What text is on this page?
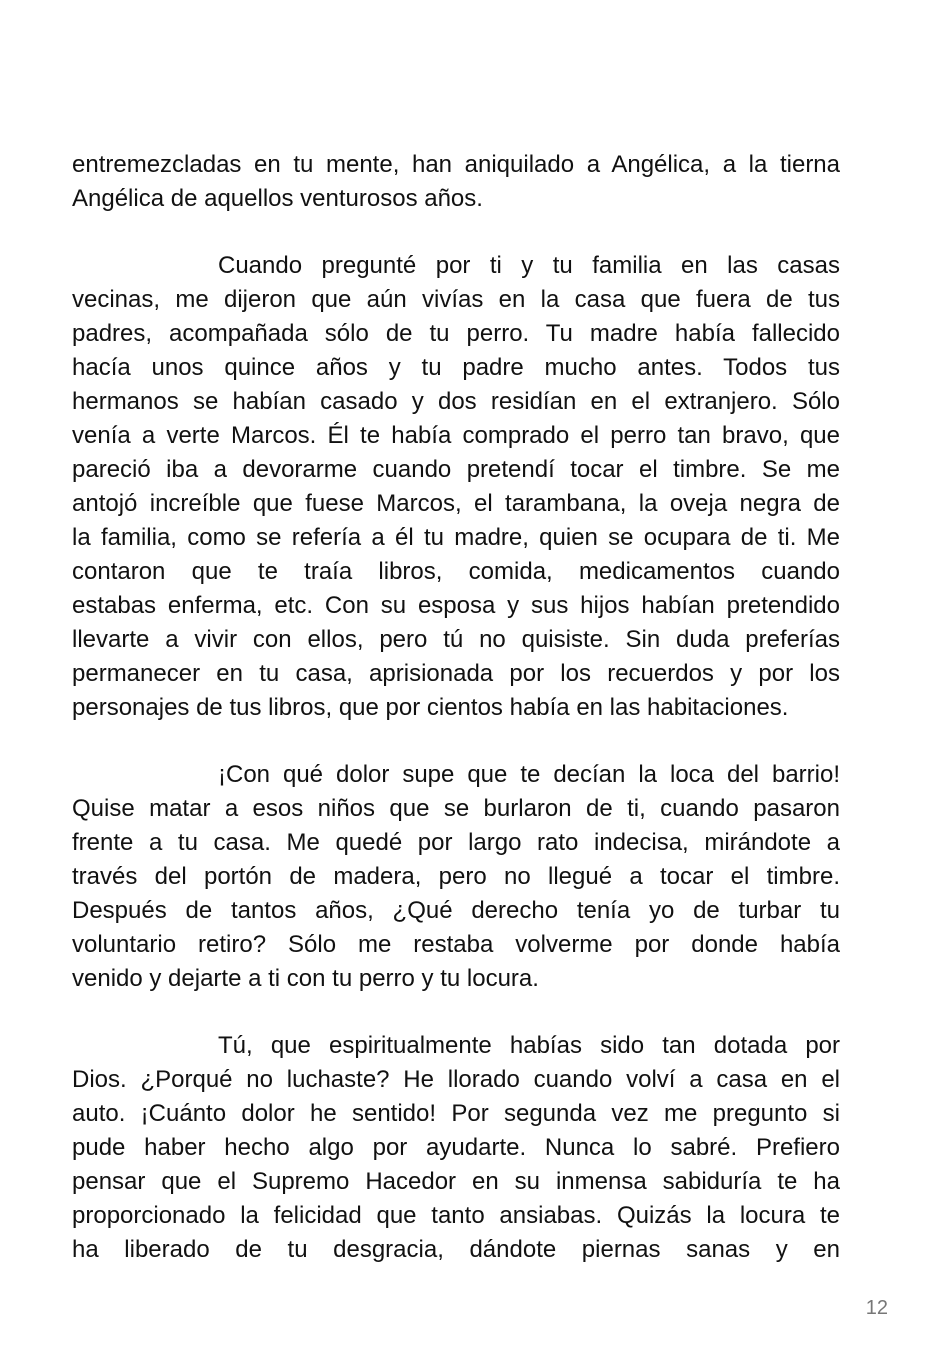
entremezcladas en tu mente, han aniquilado a Angélica, a la tierna
Angélica de aquellos venturosos años.

Cuando pregunté por ti y tu familia en las casas
vecinas, me dijeron que aún vivías en la casa que fuera de tus
padres, acompañada sólo de tu perro. Tu madre había fallecido
hacía unos quince años y tu padre mucho antes. Todos tus
hermanos se habían casado y dos residían en el extranjero. Sólo
venía a verte Marcos. Él te había comprado el perro tan bravo, que
pareció iba a devorarme cuando pretendí tocar el timbre. Se me
antojó increíble que fuese Marcos, el tarambana, la oveja negra de
la familia, como se refería a él tu madre, quien se ocupara de ti. Me
contaron que te traía libros, comida, medicamentos cuando
estabas enferma, etc. Con su esposa y sus hijos habían pretendido
llevarte a vivir con ellos, pero tú no quisiste. Sin duda preferías
permanecer en tu casa, aprisionada por los recuerdos y por los
personajes de tus libros, que por cientos había en las habitaciones.

¡Con qué dolor supe que te decían la loca del barrio!
Quise matar a esos niños que se burlaron de ti, cuando pasaron
frente a tu casa. Me quedé por largo rato indecisa, mirándote a
través del portón de madera, pero no llegué a tocar el timbre.
Después de tantos años, ¿Qué derecho tenía yo de turbar tu
voluntario retiro? Sólo me restaba volverme por donde había
venido y dejarte a ti con tu perro y tu locura.

Tú, que espiritualmente habías sido tan dotada por
Dios. ¿Porqué no luchaste? He llorado cuando volví a casa en el
auto. ¡Cuánto dolor he sentido! Por segunda vez me pregunto si
pude haber hecho algo por ayudarte. Nunca lo sabré. Prefiero
pensar que el Supremo Hacedor en su inmensa sabiduría te ha
proporcionado la felicidad que tanto ansiabas. Quizás la locura te
ha liberado de tu desgracia, dándote piernas sanas y en

12
